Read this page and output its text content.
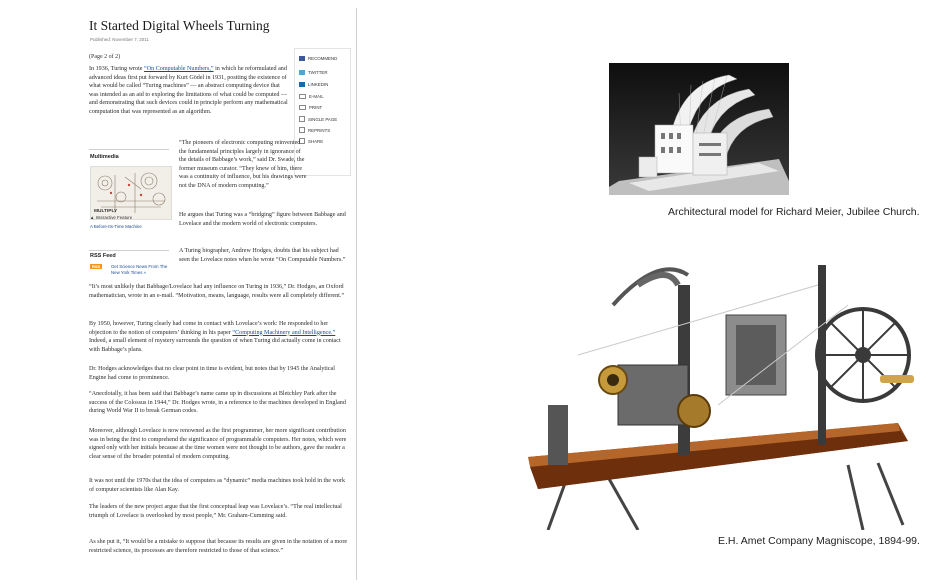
It Started Digital Wheels Turning
Published: November 7, 2011
(Page 2 of 2)

In 1936, Turing wrote “On Computable Numbers,” in which he reformulated and advanced ideas first put forward by Kurt Gödel in 1931, positing the existence of what would be called “Turing machines” — an abstract computing device that was intended as an aid to exploring the limitations of what could be computed — and demonstrating that such devices could in principle perform any mathematical computation that was represented as an algorithm.

RECOMMEND
TWITTER
LINKEDIN
E-MAIL
PRINT
SINGLE PAGE
REPRINTS
SHARE
Multimedia
MULTIPLY
▲ Interactive Feature
A Before-Its-Time Machine
RSS Feed
RSS	Get Science News From The New York Times »

“The pioneers of electronic computing reinvented the fundamental principles largely in ignorance of the details of Babbage’s work,” said Dr. Swade, the former museum curator. “They knew of him, there was a continuity of influence, but his drawings were not the DNA of modern computing.”

He argues that Turing was a “bridging” figure between Babbage and Lovelace and the modern world of electronic computers.

A Turing biographer, Andrew Hodges, doubts that his subject had seen the Lovelace notes when he wrote “On Computable Numbers.”

“It’s most unlikely that Babbage/Lovelace had any influence on Turing in 1936,” Dr. Hodges, an Oxford mathematician, wrote in an e-mail. “Motivation, means, language, results were all completely different.”

By 1950, however, Turing clearly had come in contact with Lovelace’s work: He responded to her objection to the notion of computers’ thinking in his paper “Computing Machinery and Intelligence.” Indeed, a small element of mystery surrounds the question of when Turing did actually come in contact with Babbage’s plans.

Dr. Hodges acknowledges that no clear point in time is evident, but notes that by 1945 the Analytical Engine had come to prominence.

“Anecdotally, it has been said that Babbage’s name came up in discussions at Bletchley Park after the success of the Colossus in 1944,” Dr. Hodges wrote, in a reference to the machines developed in England during World War II to break German codes.

Moreover, although Lovelace is now renowned as the first programmer, her more significant contribution was in being the first to comprehend the significance of programmable computers. Her notes, which were signed only with her initials because at the time women were not thought to be authors, gave the reader a clear sense of the broader potential of modern computing.

It was not until the 1970s that the idea of computers as “dynamic” media machines took hold in the work of computer scientists like Alan Kay.

The leaders of the new project argue that the first conceptual leap was Lovelace’s. “The real intellectual triumph of Lovelace is overlooked by most people,” Mr. Graham-Cumming said.

As she put it, “It would be a mistake to suppose that because its results are given in the notation of a more restricted science, its processes are therefore restricted to those of that science.”

Architectural model for Richard Meier, Jubilee Church.
E.H. Amet Company Magniscope, 1894-99.
